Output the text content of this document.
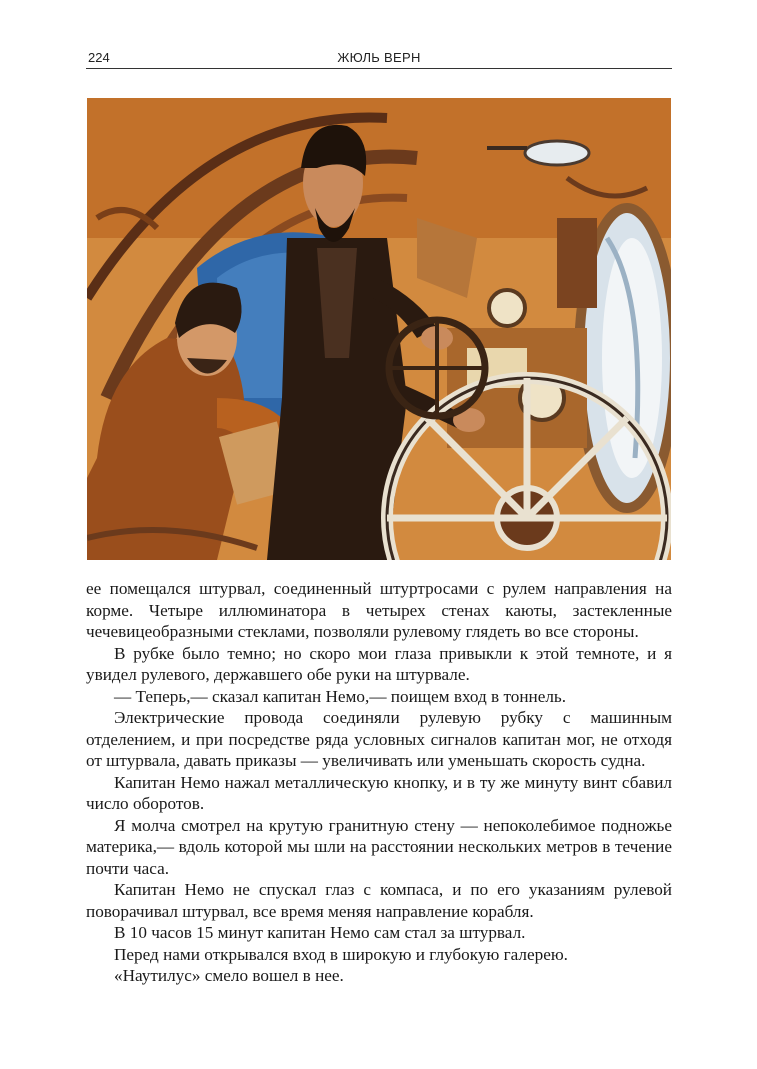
224	ЖЮЛЬ ВЕРН

ее помещался штурвал, соединенный штуртросами с рулем направления на корме. Четыре иллюминатора в четырех стенах каюты, застекленные чечевицеобразными стеклами, позволяли рулевому глядеть во все стороны.

В рубке было темно; но скоро мои глаза привыкли к этой темноте, и я увидел рулевого, державшего обе руки на штурвале.

— Теперь,— сказал капитан Немо,— поищем вход в тоннель.

Электрические провода соединяли рулевую рубку с машинным отделением, и при посредстве ряда условных сигналов капитан мог, не отходя от штурвала, давать приказы — увеличивать или уменьшать скорость судна.

Капитан Немо нажал металлическую кнопку, и в ту же минуту винт сбавил число оборотов.

Я молча смотрел на крутую гранитную стену — непоколебимое подножье материка,— вдоль которой мы шли на расстоянии нескольких метров в течение почти часа.

Капитан Немо не спускал глаз с компаса, и по его указаниям рулевой поворачивал штурвал, все время меняя направление корабля.

В 10 часов 15 минут капитан Немо сам стал за штурвал.

Перед нами открывался вход в широкую и глубокую галерею.

«Наутилус» смело вошел в нее.
